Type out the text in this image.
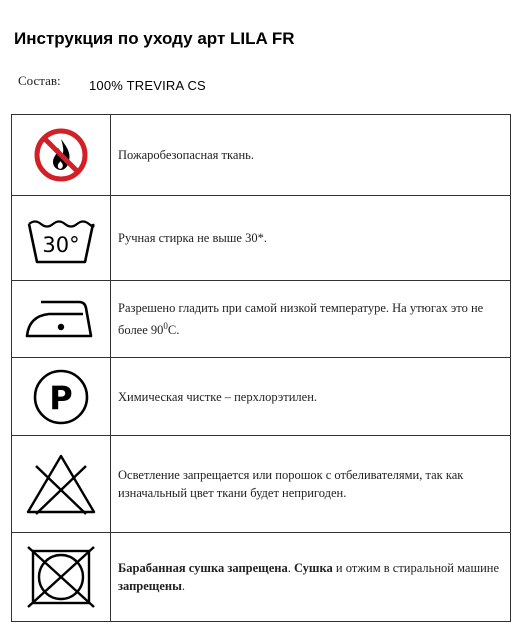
Инструкция по уходу арт LILA FR
Состав: 100% TREVIRA CS
	Пожаробезопасная ткань.

30°	Ручная стирка не выше 30*.

	Разрешено гладить при самой низкой температуре. На утюгах это не более $90^0С$.

P	Химическая чистке – перхлорэтилен.

	Осветление запрещается или порошок с отбеливателями, так как изначальный цвет ткани будет непригоден.

	Барабанная сушка запрещена. Сушка и отжим в стиральной машине запрещены.
